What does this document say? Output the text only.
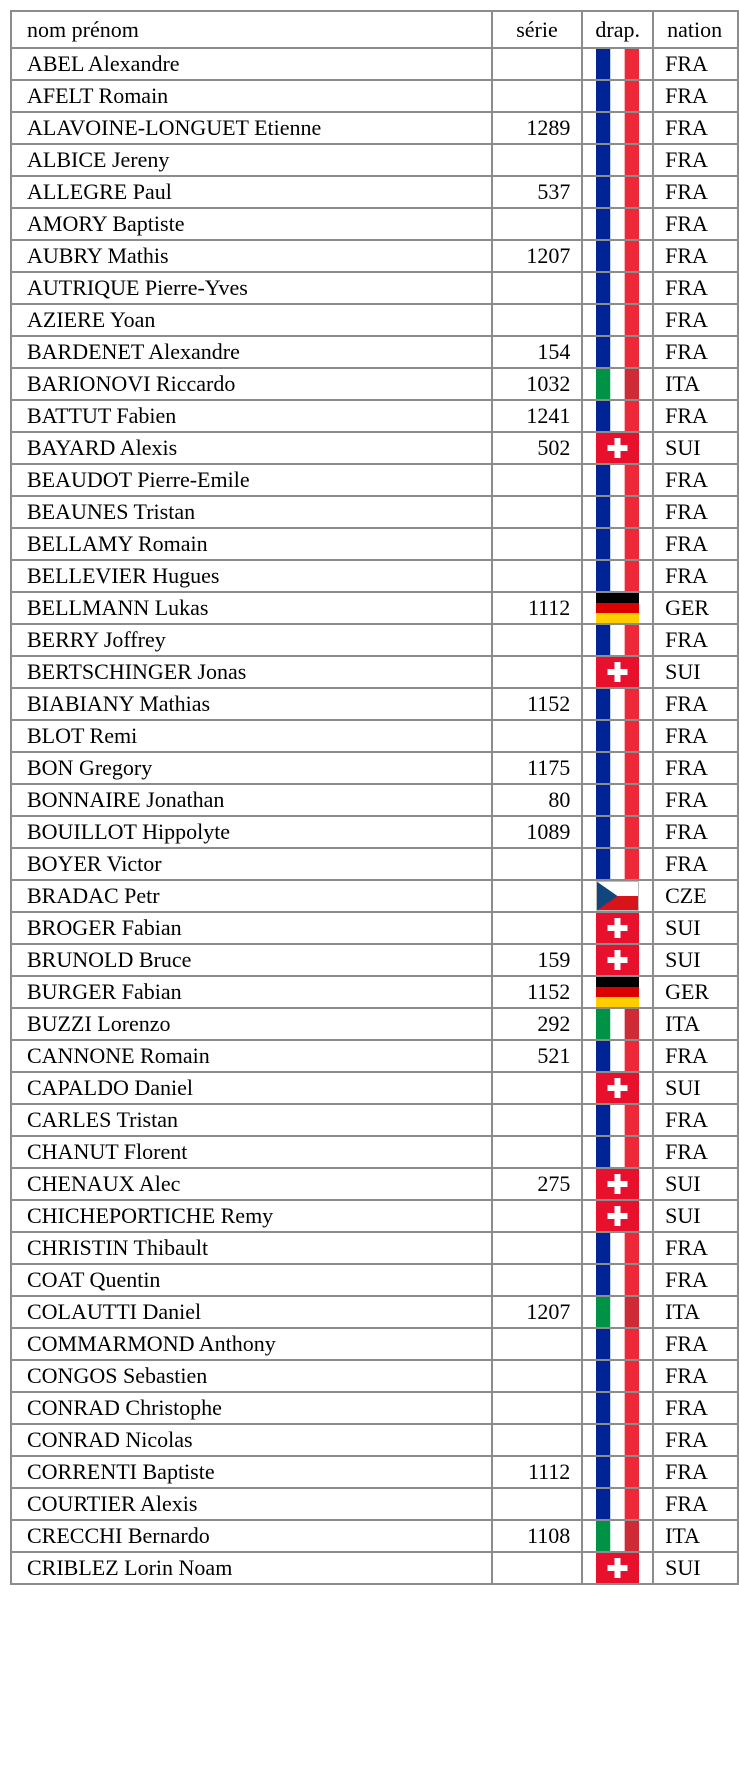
nom prénom	série	drap.	nation
ABEL Alexandre			FRA
AFELT Romain			FRA
ALAVOINE-LONGUET Etienne	1289		FRA
ALBICE Jereny			FRA
ALLEGRE Paul	537		FRA
AMORY Baptiste			FRA
AUBRY Mathis	1207		FRA
AUTRIQUE Pierre-Yves			FRA
AZIERE Yoan			FRA
BARDENET Alexandre	154		FRA
BARIONOVI Riccardo	1032		ITA
BATTUT Fabien	1241		FRA
BAYARD Alexis	502		SUI
BEAUDOT Pierre-Emile			FRA
BEAUNES Tristan			FRA
BELLAMY Romain			FRA
BELLEVIER Hugues			FRA
BELLMANN Lukas	1112		GER
BERRY Joffrey			FRA
BERTSCHINGER Jonas			SUI
BIABIANY Mathias	1152		FRA
BLOT Remi			FRA
BON Gregory	1175		FRA
BONNAIRE Jonathan	80		FRA
BOUILLOT Hippolyte	1089		FRA
BOYER Victor			FRA
BRADAC Petr			CZE
BROGER Fabian			SUI
BRUNOLD Bruce	159		SUI
BURGER Fabian	1152		GER
BUZZI Lorenzo	292		ITA
CANNONE Romain	521		FRA
CAPALDO Daniel			SUI
CARLES Tristan			FRA
CHANUT Florent			FRA
CHENAUX Alec	275		SUI
CHICHEPORTICHE Remy			SUI
CHRISTIN Thibault			FRA
COAT Quentin			FRA
COLAUTTI Daniel	1207		ITA
COMMARMOND Anthony			FRA
CONGOS Sebastien			FRA
CONRAD Christophe			FRA
CONRAD Nicolas			FRA
CORRENTI Baptiste	1112		FRA
COURTIER Alexis			FRA
CRECCHI Bernardo	1108		ITA
CRIBLEZ Lorin Noam			SUI
